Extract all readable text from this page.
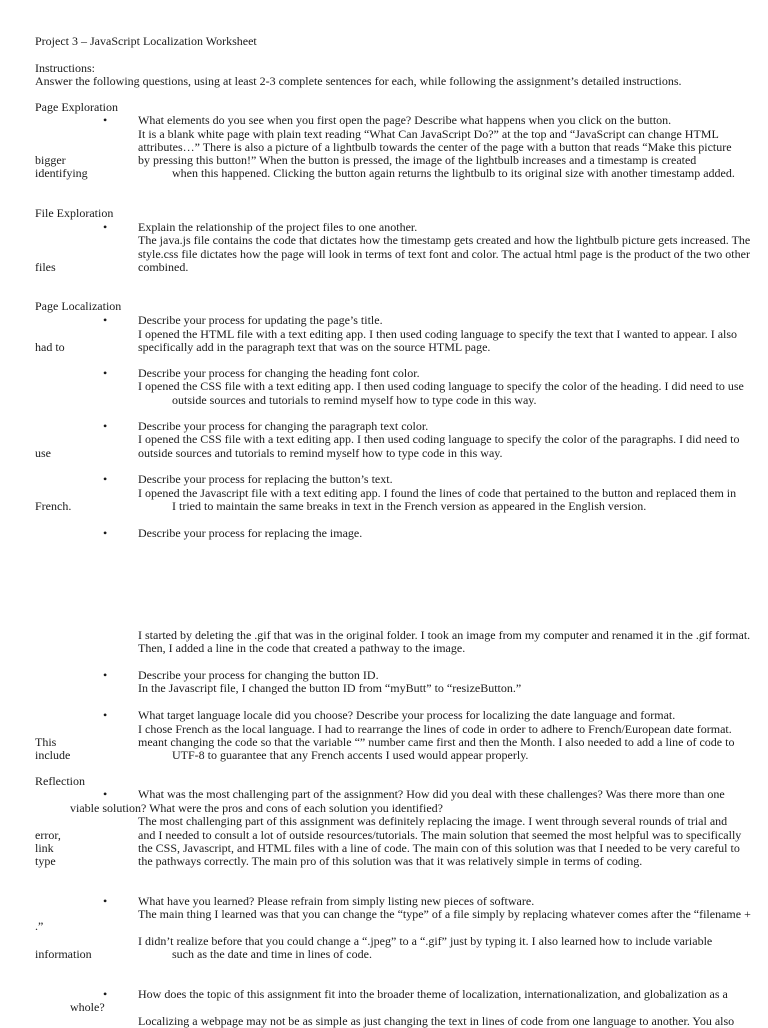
Project 3 – JavaScript Localization Worksheet

Instructions:

Answer the following questions, using at least 2-3 complete sentences for each, while following the assignment’s detailed instructions.

Page Exploration

•	What elements do you see when you first open the page? Describe what happens when you click on the button.

It is a blank white page with plain text reading “What Can JavaScript Do?” at the top and “JavaScript can change HTML

attributes…” There is also a picture of a lightbulb towards the center of the page with a button that reads “Make this picture

bigger	by pressing this button!” When the button is pressed, the image of the lightbulb increases and a timestamp is created

identifying	when this happened. Clicking the button again returns the lightbulb to its original size with another timestamp added.

File Exploration

•	Explain the relationship of the project files to one another.

The java.js file contains the code that dictates how the timestamp gets created and how the lightbulb picture gets increased. The

style.css file dictates how the page will look in terms of text font and color. The actual html page is the product of the two other

files	combined.

Page Localization

•	Describe your process for updating the page’s title.

I opened the HTML file with a text editing app. I then used coding language to specify the text that I wanted to appear. I also

had to	specifically add in the paragraph text that was on the source HTML page.

•	Describe your process for changing the heading font color.

I opened the CSS file with a text editing app. I then used coding language to specify the color of the heading. I did need to use

outside sources and tutorials to remind myself how to type code in this way.

•	Describe your process for changing the paragraph text color.

I opened the CSS file with a text editing app. I then used coding language to specify the color of the paragraphs. I did need to

use	outside sources and tutorials to remind myself how to type code in this way.

•	Describe your process for replacing the button’s text.

I opened the Javascript file with a text editing app. I found the lines of code that pertained to the button and replaced them in

French.	I tried to maintain the same breaks in text in the French version as appeared in the English version.

•	Describe your process for replacing the image.

I started by deleting the .gif that was in the original folder. I took an image from my computer and renamed it in the .gif format.

Then, I added a line in the code that created a pathway to the image.

•	Describe your process for changing the button ID.

In the Javascript file, I changed the button ID from “myButt” to “resizeButton.”

•	What target language locale did you choose? Describe your process for localizing the date language and format.

I chose French as the local language. I had to rearrange the lines of code in order to adhere to French/European date format.

This	meant changing the code so that the variable “” number came first and then the Month. I also needed to add a line of code to

include	UTF-8 to guarantee that any French accents I used would appear properly.

Reflection

•	What was the most challenging part of the assignment? How did you deal with these challenges? Was there more than one

viable solution? What were the pros and cons of each solution you identified?

The most challenging part of this assignment was definitely replacing the image. I went through several rounds of trial and

error,	and I needed to consult a lot of outside resources/tutorials. The main solution that seemed the most helpful was to specifically

link	the CSS, Javascript, and HTML files with a line of code. The main con of this solution was that I needed to be very careful to

type	the pathways correctly. The main pro of this solution was that it was relatively simple in terms of coding.

•	What have you learned? Please refrain from simply listing new pieces of software.

The main thing I learned was that you can change the “type” of a file simply by replacing whatever comes after the “filename +

.”

I didn’t realize before that you could change a “.jpeg” to a “.gif” just by typing it. I also learned how to include variable

information	such as the date and time in lines of code.

•	How does the topic of this assignment fit into the broader theme of localization, internationalization, and globalization as a

whole?

Localizing a webpage may not be as simple as just changing the text in lines of code from one language to another. You also
